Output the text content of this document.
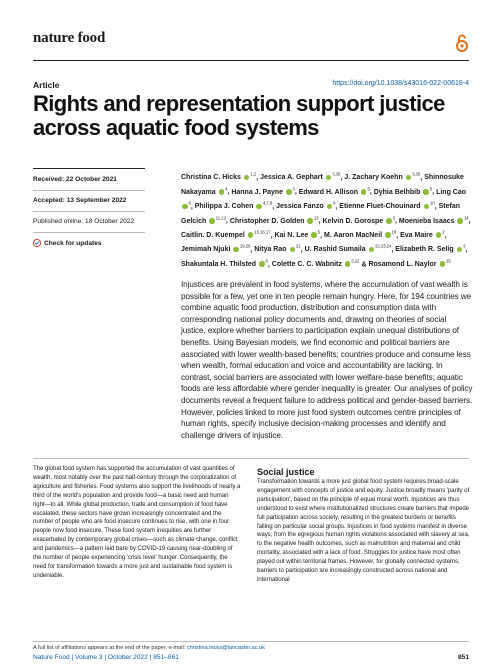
nature food
Article	https://doi.org/10.1038/s43016-022-00618-4
Rights and representation support justice across aquatic food systems
Received: 22 October 2021
Accepted: 13 September 2022
Published online: 18 October 2022
Check for updates
Christina C. Hicks $^{1,2}$, Jessica A. Gephart $^{3,36}$, J. Zachary Koehn $^{3,36}$, Shinnosuke Nakayama $^4$, Hanna J. Payne $^3$, Edward H. Allison $^5$, Dyhia Belhbib $^5$, Ling Cao $^6$, Philippa J. Cohen $^{4,7,8}$, Jessica Fanzo $^9$, Etienne Fluet-Chouinard $^{10}$, Stefan Gelcich $^{11,12}$, Christopher D. Golden $^{13}$, Kelvin D. Gorospe $^3$, Moenieba Isaacs $^{14}$, Caitlin. D. Kuempel $^{15,16,17}$, Kai N. Lee $^5$, M. Aaron MacNeil $^{18}$, Eva Maire $^2$, Jemimah Njuki $^{19,20}$, Nitya Rao $^{21}$, U. Rashid Sumaila $^{22,23,24}$, Elizabeth R. Selig $^3$, Shakuntala H. Thilsted $^6$, Colette C. C. Wabnitz $^{3,22}$ & Rosamond L. Naylor $^{25}$

Injustices are prevalent in food systems, where the accumulation of vast wealth is possible for a few, yet one in ten people remain hungry. Here, for 194 countries we combine aquatic food production, distribution and consumption data with corresponding national policy documents and, drawing on theories of social justice, explore whether barriers to participation explain unequal distributions of benefits. Using Bayesian models, we find economic and political barriers are associated with lower wealth-based benefits; countries produce and consume less when wealth, formal education and voice and accountability are lacking. In contrast, social barriers are associated with lower welfare-base benefits; aquatic foods are less affordable where gender inequality is greater. Our analyses of policy documents reveal a frequent failure to address political and gender-based barriers. However, policies linked to more just food system outcomes centre principles of human rights, specify inclusive decision-making processes and identify and challenge drivers of injustice.

The global food system has supported the accumulation of vast quantities of wealth, most notably over the past half-century through the corporatization of agriculture and fisheries. Food systems also support the livelihoods of nearly a third of the world's population and provide food—a basic need and human right—to all. While global production, trade and consumption of food have escalated, these sectors have grown increasingly concentrated and the number of people who are food insecure continues to rise, with one in four people now food insecure. These food system inequities are further exacerbated by contemporary global crises—such as climate change, conflict and pandemics—a pattern laid bare by COVID-19 causing near-doubling of the number of people experiencing 'crisis level' hunger. Consequently, the need for transformation towards a more just and sustainable food system is undeniable.

Social justice

Transformation towards a more just global food system requires broad-scale engagement with concepts of justice and equity. Justice broadly means 'parity of participation', based on the principle of equal moral worth. Injustices are thus understood to exist where institutionalized structures create barriers that impede full participation across society, resulting in the greatest burdens or benefits falling on particular social groups. Injustices in food systems manifest in diverse ways; from the egregious human rights violations associated with slavery at sea, to the negative health outcomes, such as malnutrition and maternal and child mortality, associated with a lack of food. Struggles for justice have most often played out within territorial frames. However, for globally connected systems, barriers to participation are increasingly constructed across national and international

A full list of affiliations appears at the end of the paper. e-mail: christina.hicks@lancaster.ac.uk
Nature Food | Volume 3 | October 2022 | 851–861	851
